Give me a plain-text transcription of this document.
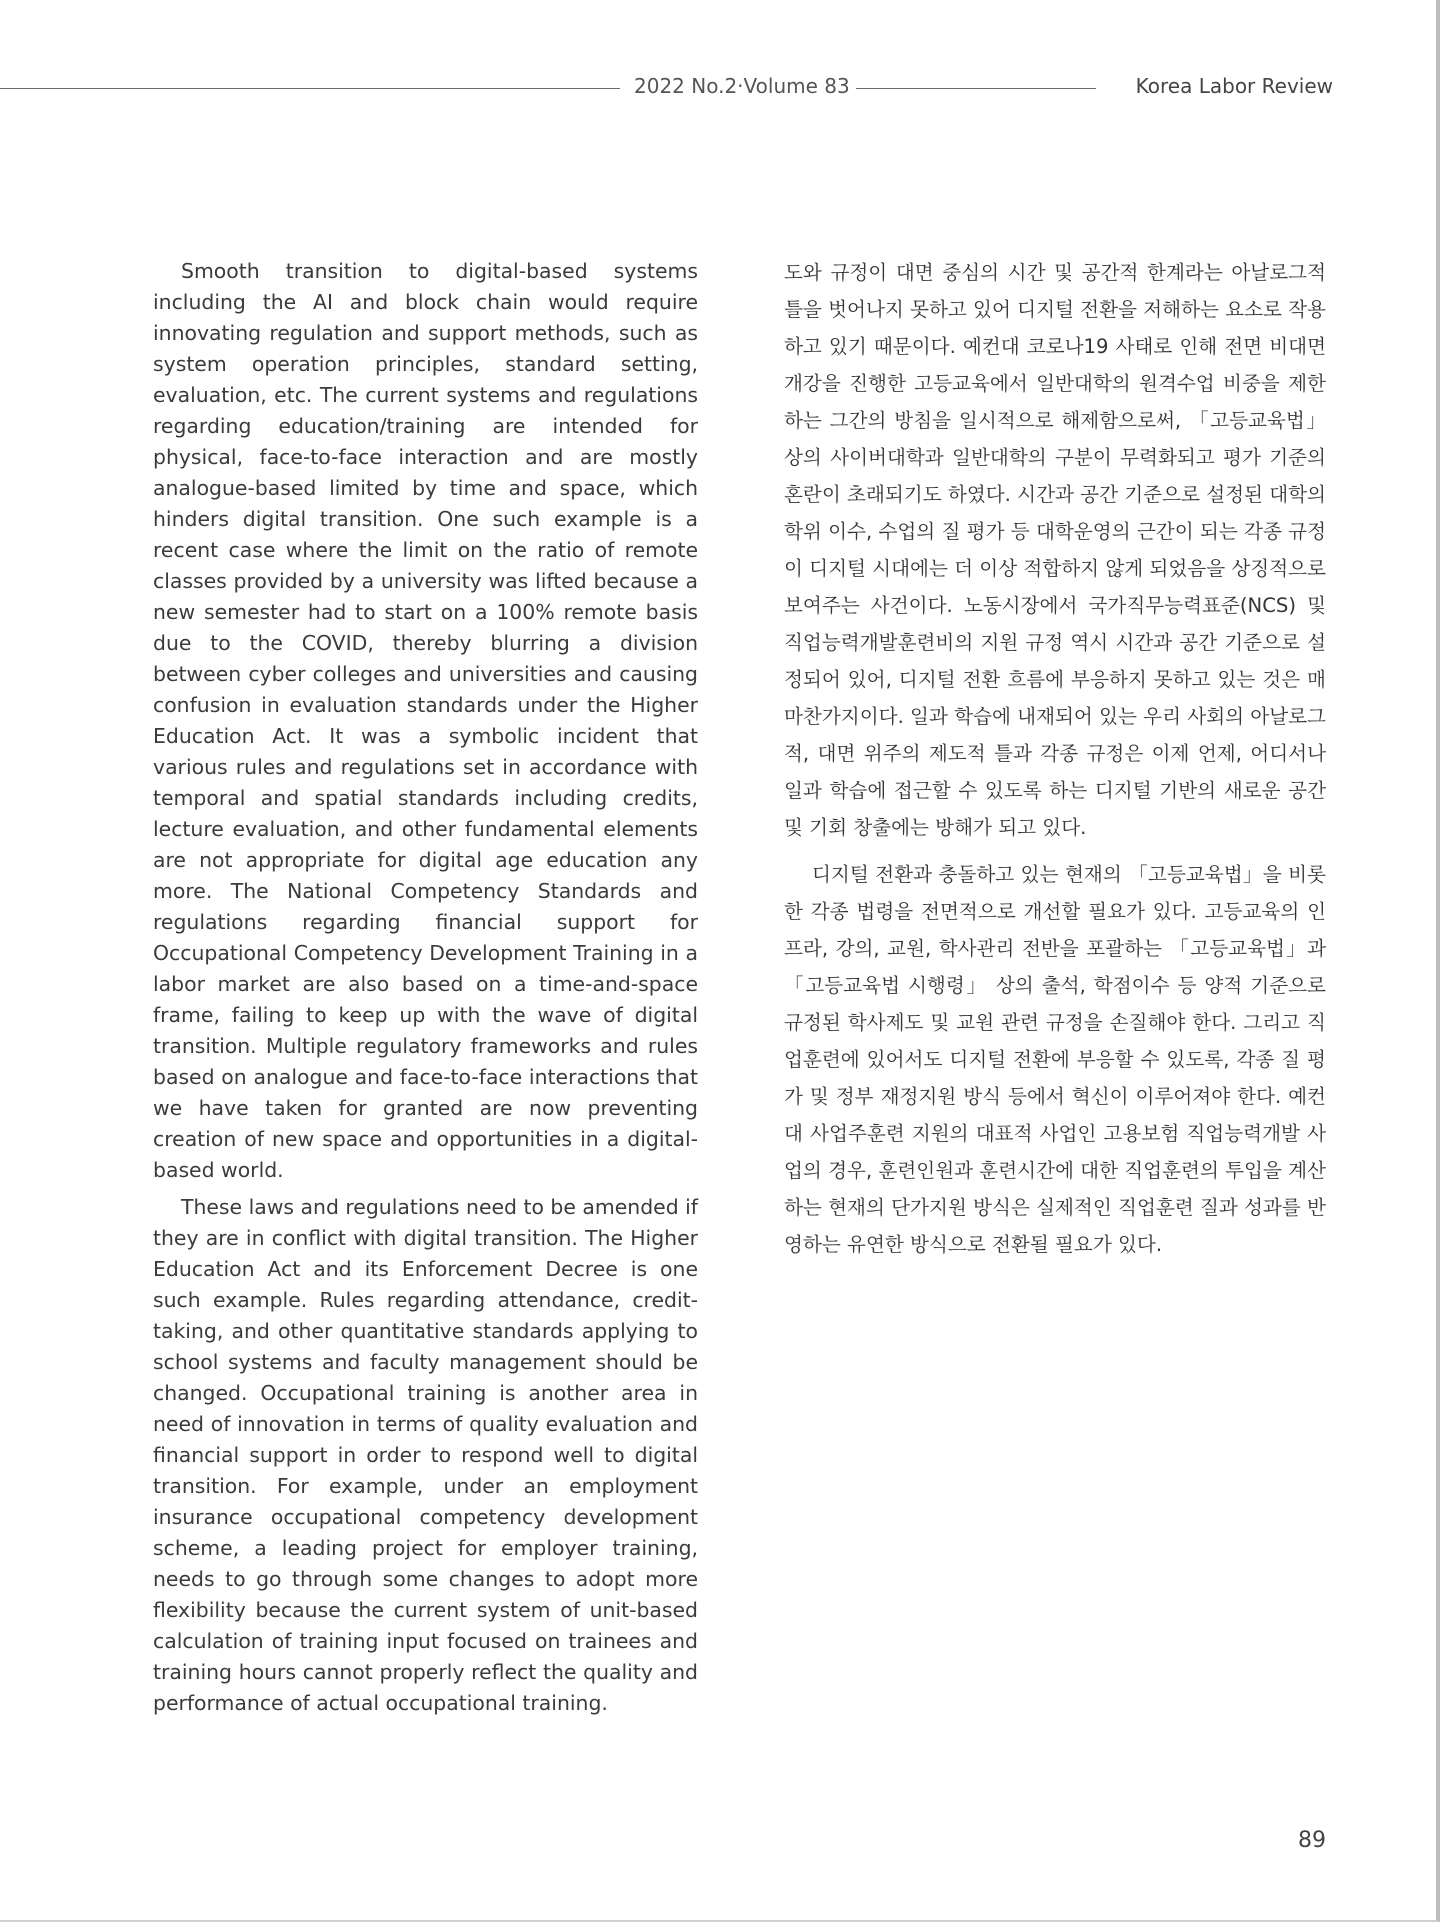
2022 No.2·Volume 83	Korea Labor Review

Smooth transition to digital-based systems including the AI and block chain would require innovating regulation and support methods, such as system operation principles, standard setting, evaluation, etc. The current systems and regulations regarding education/training are intended for physical, face-to-face interaction and are mostly analogue-based limited by time and space, which hinders digital transition. One such example is a recent case where the limit on the ratio of remote classes provided by a university was lifted because a new semester had to start on a 100% remote basis due to the COVID, thereby blurring a division between cyber colleges and universities and causing confusion in evaluation standards under the Higher Education Act. It was a symbolic incident that various rules and regulations set in accordance with temporal and spatial standards including credits, lecture evaluation, and other fundamental elements are not appropriate for digital age education any more. The National Competency Standards and regulations regarding financial support for Occupational Competency Development Training in a labor market are also based on a time-and-space frame, failing to keep up with the wave of digital transition. Multiple regulatory frameworks and rules based on analogue and face-to-face interactions that we have taken for granted are now preventing creation of new space and opportunities in a digital-based world.

These laws and regulations need to be amended if they are in conflict with digital transition. The Higher Education Act and its Enforcement Decree is one such example. Rules regarding attendance, credit-taking, and other quantitative standards applying to school systems and faculty management should be changed. Occupational training is another area in need of innovation in terms of quality evaluation and financial support in order to respond well to digital transition. For example, under an employment insurance occupational competency development scheme, a leading project for employer training, needs to go through some changes to adopt more flexibility because the current system of unit-based calculation of training input focused on trainees and training hours cannot properly reflect the quality and performance of actual occupational training.

도와 규정이 대면 중심의 시간 및 공간적 한계라는 아날로그적 틀을 벗어나지 못하고 있어 디지털 전환을 저해하는 요소로 작용하고 있기 때문이다. 예컨대 코로나19 사태로 인해 전면 비대면 개강을 진행한 고등교육에서 일반대학의 원격수업 비중을 제한하는 그간의 방침을 일시적으로 해제함으로써, 「고등교육법」 상의 사이버대학과 일반대학의 구분이 무력화되고 평가 기준의 혼란이 초래되기도 하였다. 시간과 공간 기준으로 설정된 대학의 학위 이수, 수업의 질 평가 등 대학운영의 근간이 되는 각종 규정이 디지털 시대에는 더 이상 적합하지 않게 되었음을 상징적으로 보여주는 사건이다. 노동시장에서 국가직무능력표준(NCS) 및 직업능력개발훈련비의 지원 규정 역시 시간과 공간 기준으로 설정되어 있어, 디지털 전환 흐름에 부응하지 못하고 있는 것은 매 마찬가지이다. 일과 학습에 내재되어 있는 우리 사회의 아날로그적, 대면 위주의 제도적 틀과 각종 규정은 이제 언제, 어디서나 일과 학습에 접근할 수 있도록 하는 디지털 기반의 새로운 공간 및 기회 창출에는 방해가 되고 있다.

디지털 전환과 충돌하고 있는 현재의 「고등교육법」을 비롯한 각종 법령을 전면적으로 개선할 필요가 있다. 고등교육의 인프라, 강의, 교원, 학사관리 전반을 포괄하는 「고등교육법」과 「고등교육법 시행령」 상의 출석, 학점이수 등 양적 기준으로 규정된 학사제도 및 교원 관련 규정을 손질해야 한다. 그리고 직업훈련에 있어서도 디지털 전환에 부응할 수 있도록, 각종 질 평가 및 정부 재정지원 방식 등에서 혁신이 이루어져야 한다. 예컨대 사업주훈련 지원의 대표적 사업인 고용보험 직업능력개발 사업의 경우, 훈련인원과 훈련시간에 대한 직업훈련의 투입을 계산하는 현재의 단가지원 방식은 실제적인 직업훈련 질과 성과를 반영하는 유연한 방식으로 전환될 필요가 있다.

89
